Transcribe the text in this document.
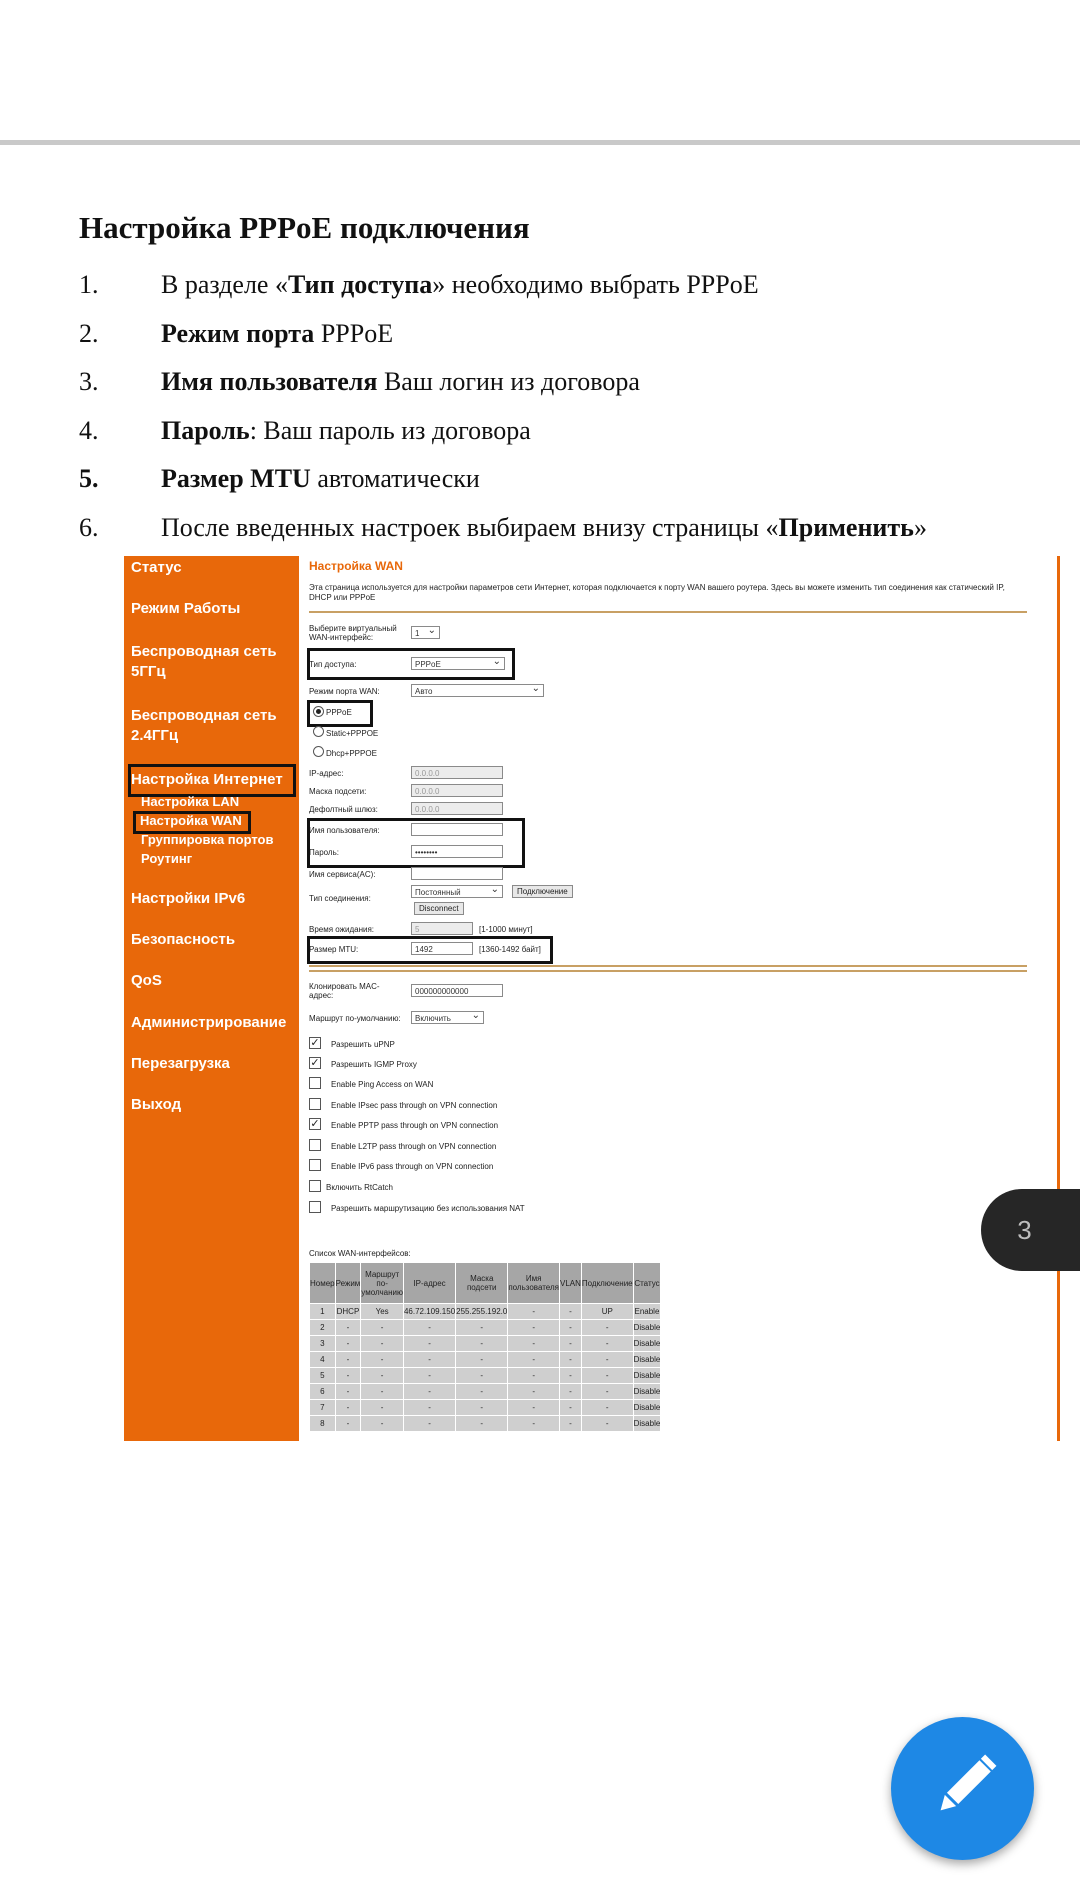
Настройка PPPoE подключения
1. В разделе «Тип доступа» необходимо выбрать PPPoE
2. Режим порта PPPoE
3. Имя пользователя Ваш логин из договора
4. Пароль: Ваш пароль из договора
5. Размер MTU автоматически
6. После введенных настроек выбираем внизу страницы «Применить»
Статус
Режим Работы
Беспроводная сеть 5ГГц
Беспроводная сеть 2.4ГГц
Настройка Интернет
Настройка LAN
Настройка WAN
Группировка портов
Роутинг
Настройки IPv6
Безопасность
QoS
Администрирование
Перезагрузка
Выход
Настройка WAN
Эта страница используется для настройки параметров сети Интернет, которая подключается к порту WAN вашего роутера. Здесь вы можете изменить тип соединения как статический IP, DHCP или PPPoE
Выберите виртуальный WAN-интерфейс:	1 ⌄
Тип доступа:	PPPoE ⌄
Режим порта WAN:	Авто ⌄
PPPoE
Static+PPPOE
Dhcp+PPPOE
IP-адрес:	0.0.0.0
Маска подсети:	0.0.0.0
Дефолтный шлюз:	0.0.0.0
Имя пользователя:
Пароль:	••••••••
Имя сервиса(AC):
Тип соединения:
Постоянный ⌄	Подключение
Disconnect
Время ожидания:	5	[1-1000 минут]
Размер MTU:	1492	[1360-1492 байт]
Клонировать MAC-адрес:	000000000000
Маршрут по-умолчанию:	Включить ⌄
✓ Разрешить uPNP
✓ Разрешить IGMP Proxy
Enable Ping Access on WAN
Enable IPsec pass through on VPN connection
✓ Enable PPTP pass through on VPN connection
Enable L2TP pass through on VPN connection
Enable IPv6 pass through on VPN connection
Включить RtCatch
Разрешить маршрутизацию без использования NAT
Список WAN-интерфейсов:
Номер	Режим	Маршрут по-умолчанию	IP-адрес	Маска подсети	Имя пользователя	VLAN	Подключение	Статус
1	DHCP	Yes	46.72.109.150	255.255.192.0	-	-	UP	Enable
2	-	-	-	-	-	-	-	Disable
3	-	-	-	-	-	-	-	Disable
4	-	-	-	-	-	-	-	Disable
5	-	-	-	-	-	-	-	Disable
6	-	-	-	-	-	-	-	Disable
7	-	-	-	-	-	-	-	Disable
8	-	-	-	-	-	-	-	Disable
3
